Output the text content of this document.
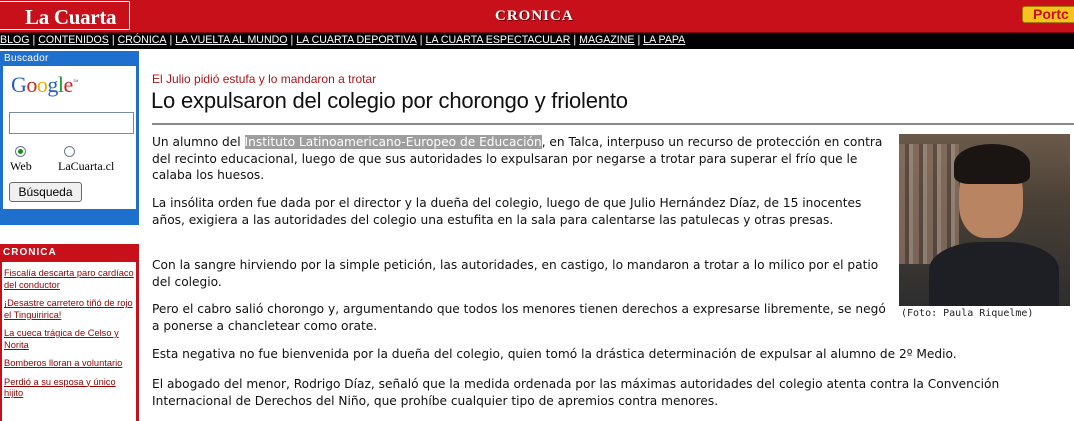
La Cuarta	CRONICA	Portc
BLOG | CONTENIDOS | CRÓNICA | LA VUELTA AL MUNDO | LA CUARTA DEPORTIVA | LA CUARTA ESPECTACULAR | MAGAZINE | LA PAPA
Buscador
Google™
Web LaCuarta.cl
Búsqueda
CRONICA
Fiscalía descarta paro cardíaco del conductor
¡Desastre carretero tiñó de rojo el Tinguiririca!
La cueca trágica de Celso y Norita
Bomberos lloran a voluntario
Perdió a su esposa y único hijito
El Julio pidió estufa y lo mandaron a trotar
Lo expulsaron del colegio por chorongo y friolento
Un alumno del Instituto Latinoamericano-Europeo de Educación, en Talca, interpuso un recurso de protección en contra del recinto educacional, luego de que sus autoridades lo expulsaran por negarse a trotar para superar el frío que le calaba los huesos.
La insólita orden fue dada por el director y la dueña del colegio, luego de que Julio Hernández Díaz, de 15 inocentes años, exigiera a las autoridades del colegio una estufita en la sala para calentarse las patulecas y otras presas.
Con la sangre hirviendo por la simple petición, las autoridades, en castigo, lo mandaron a trotar a lo milico por el patio del colegio.
Pero el cabro salió chorongo y, argumentando que todos los menores tienen derechos a expresarse libremente, se negó a ponerse a chancletear como orate.
Esta negativa no fue bienvenida por la dueña del colegio, quien tomó la drástica determinación de expulsar al alumno de 2º Medio.
El abogado del menor, Rodrigo Díaz, señaló que la medida ordenada por las máximas autoridades del colegio atenta contra la Convención Internacional de Derechos del Niño, que prohíbe cualquier tipo de apremios contra menores.
(Foto: Paula Riquelme)
